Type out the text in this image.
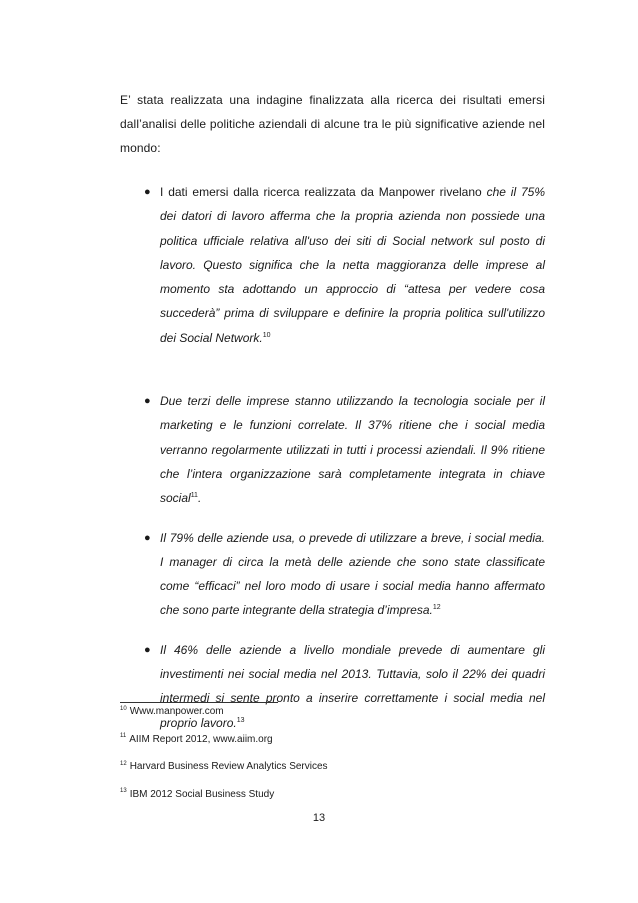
E’ stata realizzata una indagine finalizzata alla ricerca dei risultati emersi dall’analisi delle politiche aziendali di alcune tra le più significative aziende nel mondo:

● I dati emersi dalla ricerca realizzata da Manpower rivelano che il 75% dei datori di lavoro afferma che la propria azienda non possiede una politica ufficiale relativa all'uso dei siti di Social network sul posto di lavoro. Questo significa che la netta maggioranza delle imprese al momento sta adottando un approccio di “attesa per vedere cosa succederà” prima di sviluppare e definire la propria politica sull'utilizzo dei Social Network.$^{10}$
● Due terzi delle imprese stanno utilizzando la tecnologia sociale per il marketing e le funzioni correlate. Il 37% ritiene che i social media verranno regolarmente utilizzati in tutti i processi aziendali. Il 9% ritiene che l’intera organizzazione sarà completamente integrata in chiave social$^{11}$.
● Il 79% delle aziende usa, o prevede di utilizzare a breve, i social media. I manager di circa la metà delle aziende che sono state classificate come “efficaci” nel loro modo di usare i social media hanno affermato che sono parte integrante della strategia d’impresa.$^{12}$
● Il 46% delle aziende a livello mondiale prevede di aumentare gli investimenti nei social media nel 2013. Tuttavia, solo il 22% dei quadri intermedi si sente pronto a inserire correttamente i social media nel proprio lavoro.$^{13}$
$^{10}$ Www.manpower.com
$^{11}$ AIIM Report 2012, www.aiim.org
$^{12}$ Harvard Business Review Analytics Services
$^{13}$ IBM 2012 Social Business Study
13
